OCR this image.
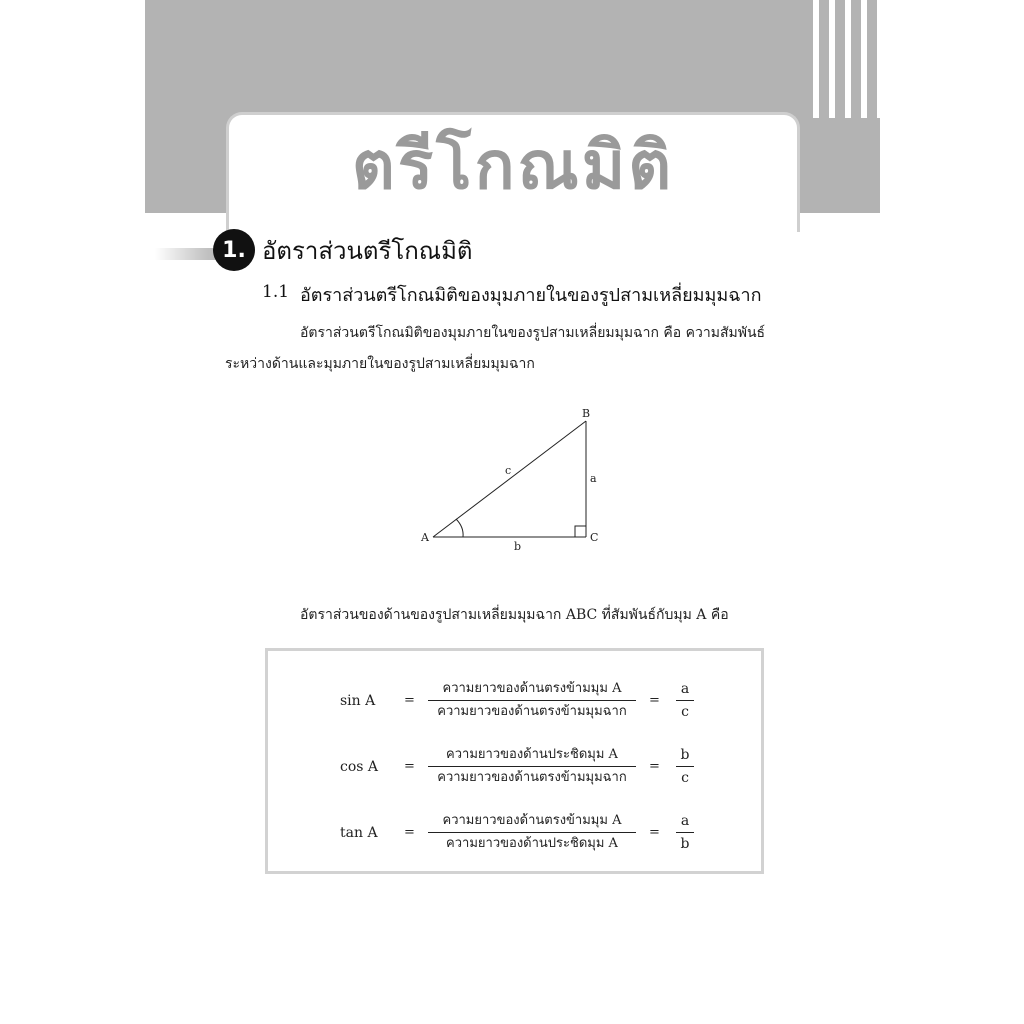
ตรีโกณมิติ
1. อัตราส่วนตรีโกณมิติ
1.1 อัตราส่วนตรีโกณมิติของมุมภายในของรูปสามเหลี่ยมมุมฉาก
อัตราส่วนตรีโกณมิติของมุมภายในของรูปสามเหลี่ยมมุมฉาก คือ ความสัมพันธ์
ระหว่างด้านและมุมภายในของรูปสามเหลี่ยมมุมฉาก
A
B
C
a
b
c
อัตราส่วนของด้านของรูปสามเหลี่ยมมุมฉาก ABC ที่สัมพันธ์กับมุม A คือ
sin A =
ความยาวของด้านตรงข้ามมุม A
ความยาวของด้านตรงข้ามมุมฉาก
= $\frac{a}{c}$
cos A =
ความยาวของด้านประชิดมุม A
ความยาวของด้านตรงข้ามมุมฉาก
= $\frac{b}{c}$
tan A =
ความยาวของด้านตรงข้ามมุม A
ความยาวของด้านประชิดมุม A
= $\frac{a}{b}$
